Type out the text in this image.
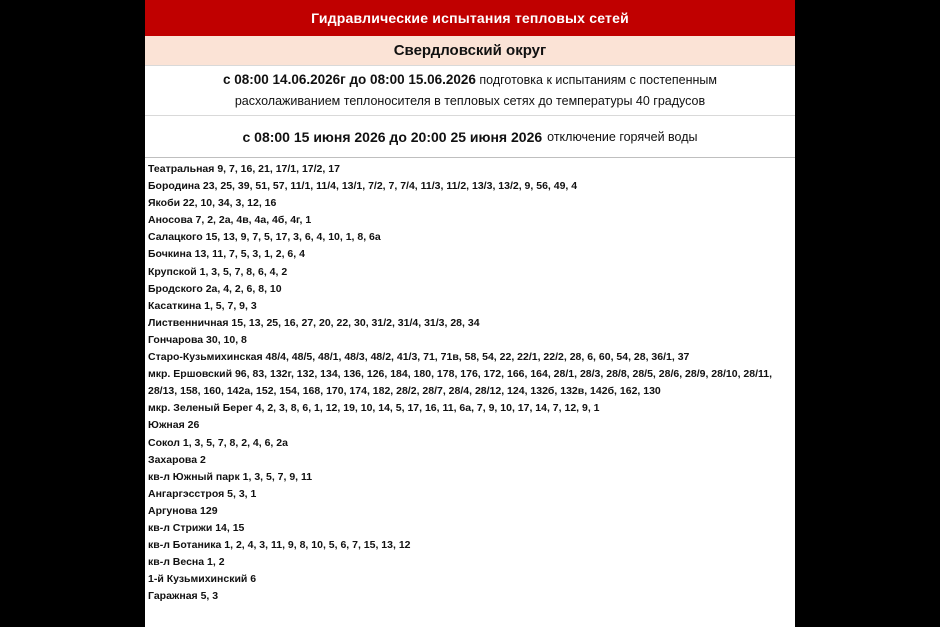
Гидравлические испытания тепловых сетей
Свердловский округ
с 08:00 14.06.2026г до 08:00 15.06.2026 подготовка к испытаниям с постепенным
расхолаживанием теплоносителя в тепловых сетях до температуры 40 градусов
с 08:00 15 июня 2026 до 20:00 25 июня 2026 отключение горячей воды
Театральная 9, 7, 16, 21, 17/1, 17/2, 17
Бородина 23, 25, 39, 51, 57, 11/1, 11/4, 13/1, 7/2, 7, 7/4, 11/3, 11/2, 13/3, 13/2, 9, 56, 49, 4
Якоби 22, 10, 34, 3, 12, 16
Аносова 7, 2, 2а, 4в, 4а, 4б, 4г, 1
Салацкого 15, 13, 9, 7, 5, 17, 3, 6, 4, 10, 1, 8, 6а
Бочкина 13, 11, 7, 5, 3, 1, 2, 6, 4
Крупской 1, 3, 5, 7, 8, 6, 4, 2
Бродского 2а, 4, 2, 6, 8, 10
Касаткина 1, 5, 7, 9, 3
Лиственничная 15, 13, 25, 16, 27, 20, 22, 30, 31/2, 31/4, 31/3, 28, 34
Гончарова 30, 10, 8
Старо-Кузьмихинская 48/4, 48/5, 48/1, 48/3, 48/2, 41/3, 71, 71в, 58, 54, 22, 22/1, 22/2, 28, 6, 60, 54, 28, 36/1, 37
мкр. Ершовский 96, 83, 132г, 132, 134, 136, 126, 184, 180, 178, 176, 172, 166, 164, 28/1, 28/3, 28/8, 28/5, 28/6, 28/9, 28/10, 28/11, 28/13, 158, 160, 142а, 152, 154, 168, 170, 174, 182, 28/2, 28/7, 28/4, 28/12, 124, 132б, 132в, 142б, 162, 130
мкр. Зеленый Берег 4, 2, 3, 8, 6, 1, 12, 19, 10, 14, 5, 17, 16, 11, 6а, 7, 9, 10, 17, 14, 7, 12, 9, 1
Южная 26
Сокол 1, 3, 5, 7, 8, 2, 4, 6, 2а
Захарова 2
кв-л Южный парк 1, 3, 5, 7, 9, 11
Ангаргэсстроя 5, 3, 1
Аргунова 129
кв-л Стрижи 14, 15
кв-л Ботаника 1, 2, 4, 3, 11, 9, 8, 10, 5, 6, 7, 15, 13, 12
кв-л Весна 1, 2
1-й Кузьмихинский 6
Гаражная 5, 3
